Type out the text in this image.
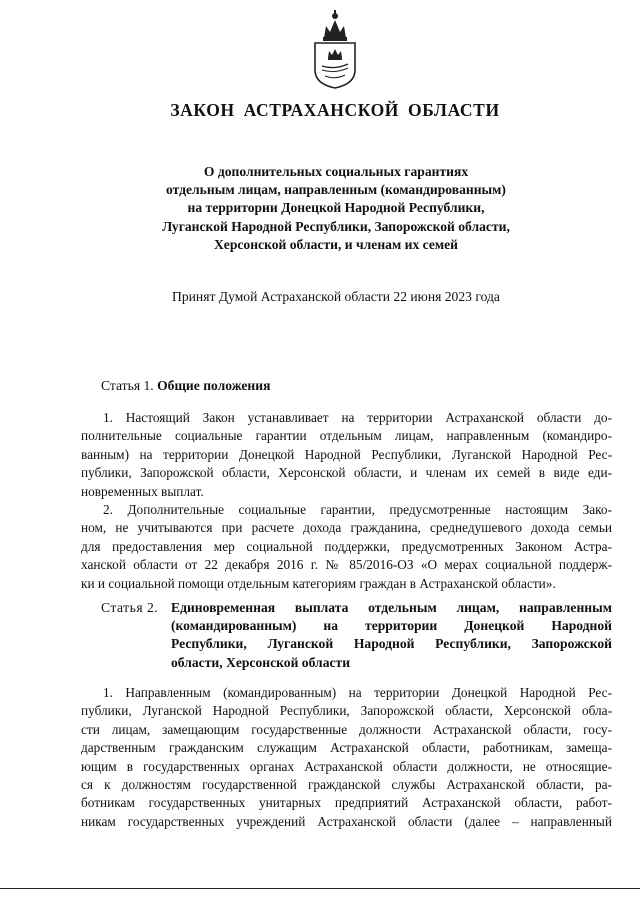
ЗАКОН АСТРАХАНСКОЙ ОБЛАСТИ
О дополнительных социальных гарантиях
отдельным лицам, направленным (командированным)
на территории Донецкой Народной Республики,
Луганской Народной Республики, Запорожской области,
Херсонской области, и членам их семей
Принят Думой Астраханской области 22 июня 2023 года
Статья 1. Общие положения
1. Настоящий Закон устанавливает на территории Астраханской области до-
полнительные социальные гарантии отдельным лицам, направленным (командиро-
ванным) на территории Донецкой Народной Республики, Луганской Народной Рес-
публики, Запорожской области, Херсонской области, и членам их семей в виде еди-
новременных выплат.
2. Дополнительные социальные гарантии, предусмотренные настоящим Зако-
ном, не учитываются при расчете дохода гражданина, среднедушевого дохода семьи
для предоставления мер социальной поддержки, предусмотренных Законом Астра-
ханской области от 22 декабря 2016 г. № 85/2016-ОЗ «О мерах социальной поддерж-
ки и социальной помощи отдельным категориям граждан в Астраханской области».
Статья 2. Единовременная выплата отдельным лицам, направленным
(командированным) на территории Донецкой Народной
Республики, Луганской Народной Республики, Запорожской
области, Херсонской области
1. Направленным (командированным) на территории Донецкой Народной Рес-
публики, Луганской Народной Республики, Запорожской области, Херсонской обла-
сти лицам, замещающим государственные должности Астраханской области, госу-
дарственным гражданским служащим Астраханской области, работникам, замеща-
ющим в государственных органах Астраханской области должности, не относящие-
ся к должностям государственной гражданской службы Астраханской области, ра-
ботникам государственных унитарных предприятий Астраханской области, работ-
никам государственных учреждений Астраханской области (далее – направленный
